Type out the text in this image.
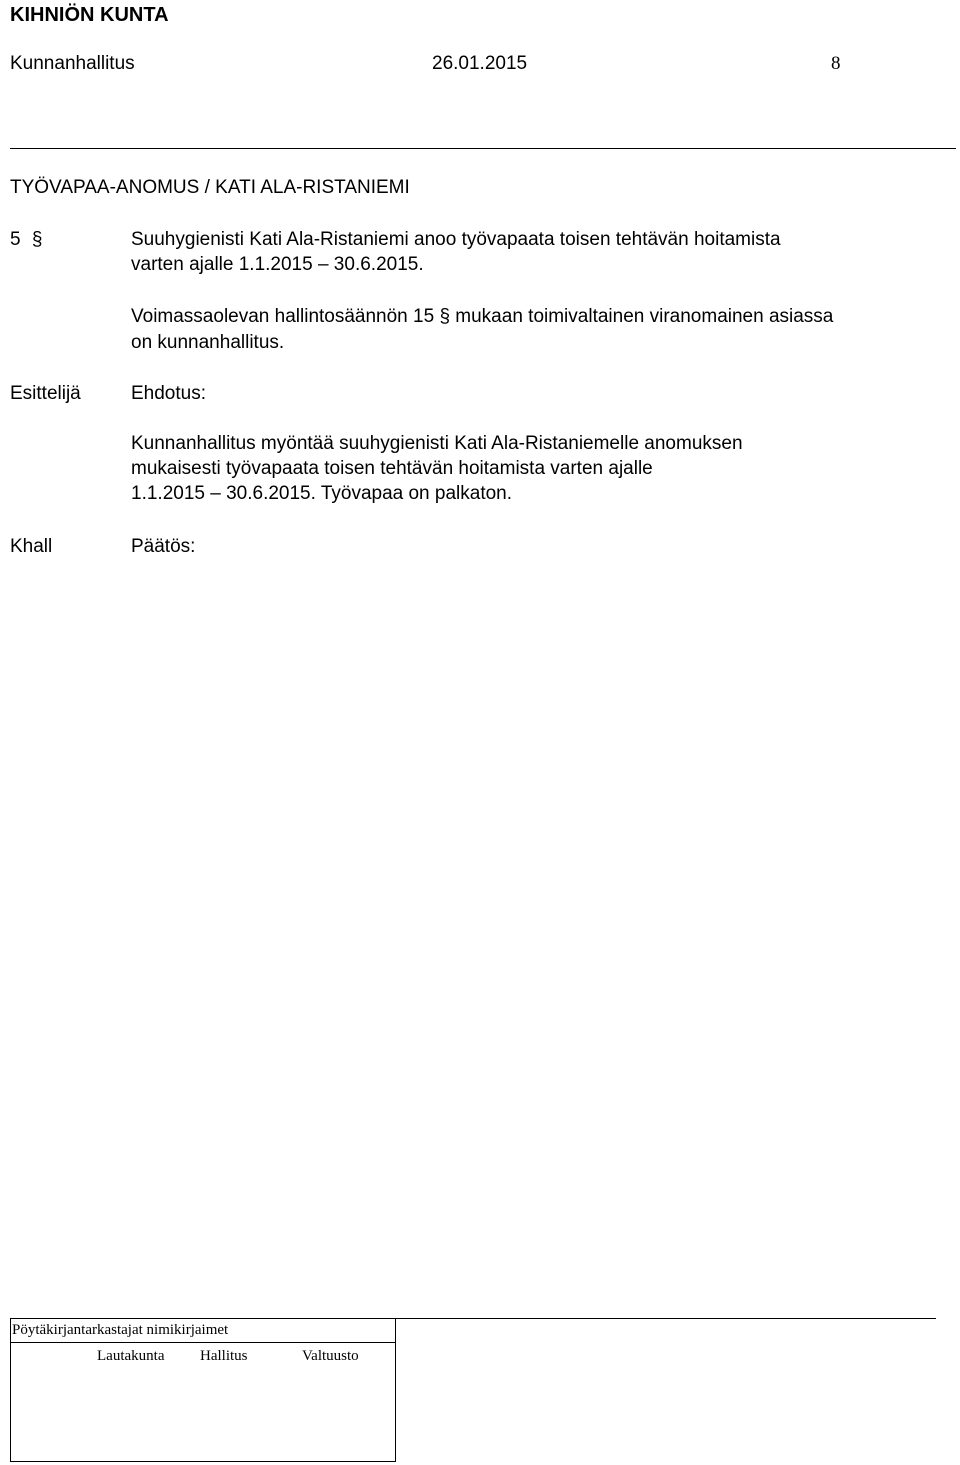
KIHNIÖN KUNTA
Kunnanhallitus	26.01.2015	8
TYÖVAPAA-ANOMUS / KATI ALA-RISTANIEMI
5 §	Suuhygienisti Kati Ala-Ristaniemi anoo työvapaata toisen tehtävän hoitamista
varten ajalle 1.1.2015 – 30.6.2015.
Voimassaolevan hallintosäännön 15 § mukaan toimivaltainen viranomainen asiassa
on kunnanhallitus.
Esittelijä	Ehdotus:
Kunnanhallitus myöntää suuhygienisti Kati Ala-Ristaniemelle anomuksen
mukaisesti työvapaata toisen tehtävän hoitamista varten ajalle
1.1.2015 – 30.6.2015. Työvapaa on palkaton.
Khall	Päätös:
Pöytäkirjantarkastajat nimikirjaimet
Lautakunta Hallitus	Valtuusto
